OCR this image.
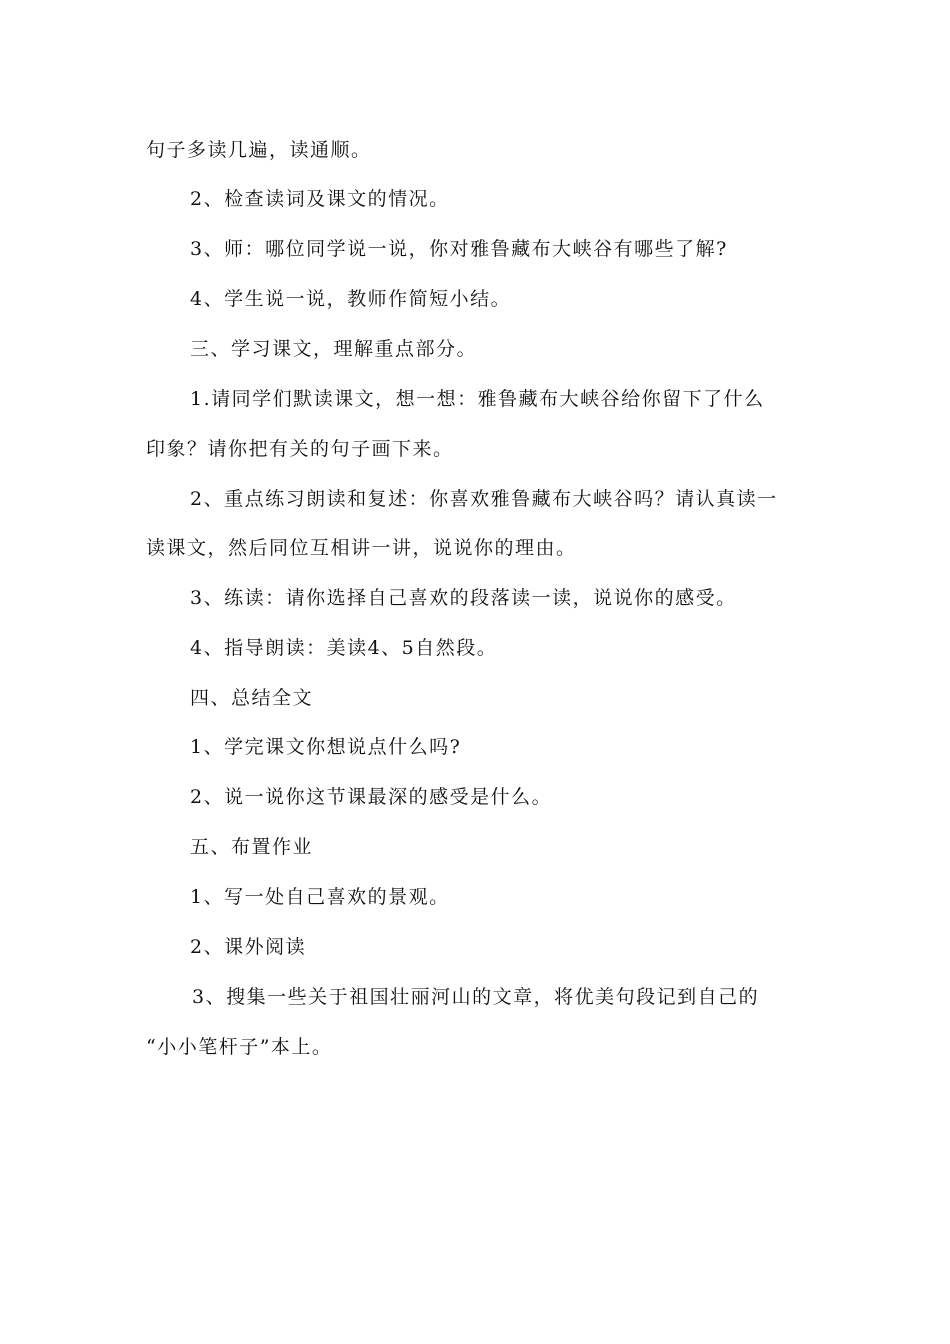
句子多读几遍，读通顺。
2、检查读词及课文的情况。
3、师：哪位同学说一说，你对雅鲁藏布大峡谷有哪些了解?
4、学生说一说，教师作简短小结。
三、学习课文，理解重点部分。
1.请同学们默读课文，想一想：雅鲁藏布大峡谷给你留下了什么
印象？请你把有关的句子画下来。
2、重点练习朗读和复述：你喜欢雅鲁藏布大峡谷吗？请认真读一
读课文，然后同位互相讲一讲，说说你的理由。
3、练读：请你选择自己喜欢的段落读一读，说说你的感受。
4、指导朗读：美读4、5自然段。
四、总结全文
1、学完课文你想说点什么吗?
2、说一说你这节课最深的感受是什么。
五、布置作业
1、写一处自己喜欢的景观。
2、课外阅读
3、搜集一些关于祖国壮丽河山的文章，将优美句段记到自己的
“小小笔杆子”本上。
